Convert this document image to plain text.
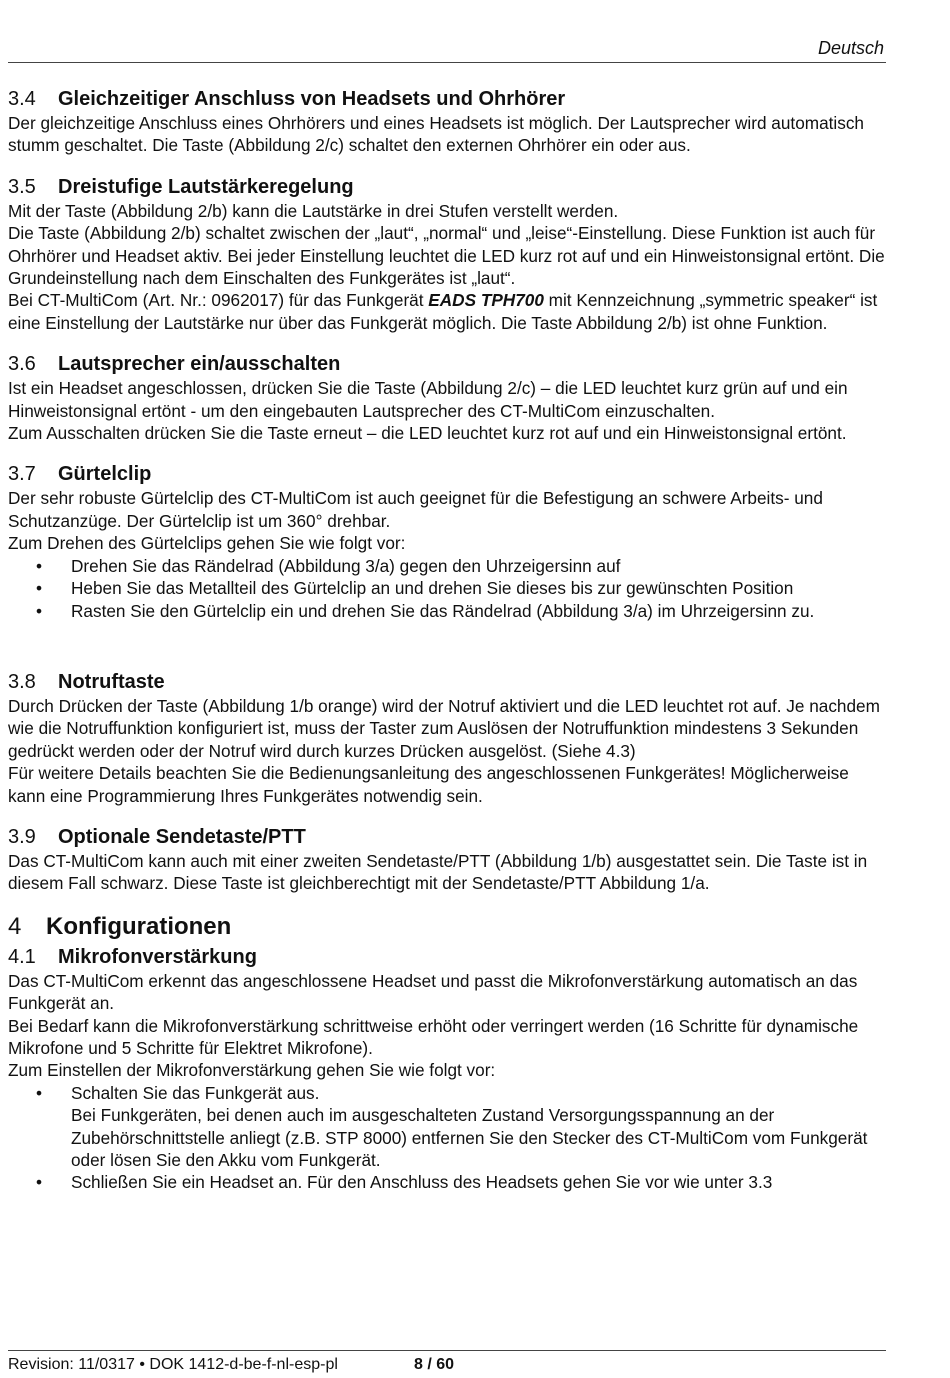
Deutsch
3.4 Gleichzeitiger Anschluss von Headsets und Ohrhörer

Der gleichzeitige Anschluss eines Ohrhörers und eines Headsets ist möglich. Der Lautsprecher wird automatisch stumm geschaltet. Die Taste (Abbildung 2/c) schaltet den externen Ohrhörer ein oder aus.

3.5 Dreistufige Lautstärkeregelung

Mit der Taste (Abbildung 2/b) kann die Lautstärke in drei Stufen verstellt werden.

Die Taste (Abbildung 2/b) schaltet zwischen der „laut“, „normal“ und „leise“-Einstellung. Diese Funktion ist auch für Ohrhörer und Headset aktiv. Bei jeder Einstellung leuchtet die LED kurz rot auf und ein Hinweistonsignal ertönt. Die Grundeinstellung nach dem Einschalten des Funkgerätes ist „laut“.

Bei CT-MultiCom (Art. Nr.: 0962017) für das Funkgerät EADS TPH700 mit Kennzeichnung „symmetric speaker“ ist eine Einstellung der Lautstärke nur über das Funkgerät möglich. Die Taste Abbildung 2/b) ist ohne Funktion.

3.6 Lautsprecher ein/ausschalten

Ist ein Headset angeschlossen, drücken Sie die Taste (Abbildung 2/c) – die LED leuchtet kurz grün auf und ein Hinweistonsignal ertönt - um den eingebauten Lautsprecher des CT-MultiCom einzuschalten.

Zum Ausschalten drücken Sie die Taste erneut – die LED leuchtet kurz rot auf und ein Hinweistonsignal ertönt.

3.7 Gürtelclip

Der sehr robuste Gürtelclip des CT-MultiCom ist auch geeignet für die Befestigung an schwere Arbeits- und Schutzanzüge. Der Gürtelclip ist um 360° drehbar.

Zum Drehen des Gürtelclips gehen Sie wie folgt vor:

• Drehen Sie das Rändelrad (Abbildung 3/a) gegen den Uhrzeigersinn auf
• Heben Sie das Metallteil des Gürtelclip an und drehen Sie dieses bis zur gewünschten Position
• Rasten Sie den Gürtelclip ein und drehen Sie das Rändelrad (Abbildung 3/a) im Uhrzeigersinn zu.
3.8 Notruftaste

Durch Drücken der Taste (Abbildung 1/b orange) wird der Notruf aktiviert und die LED leuchtet rot auf. Je nachdem wie die Notruffunktion konfiguriert ist, muss der Taster zum Auslösen der Notruffunktion mindestens 3 Sekunden gedrückt werden oder der Notruf wird durch kurzes Drücken ausgelöst. (Siehe 4.3)

Für weitere Details beachten Sie die Bedienungsanleitung des angeschlossenen Funkgerätes! Möglicherweise kann eine Programmierung Ihres Funkgerätes notwendig sein.

3.9 Optionale Sendetaste/PTT

Das CT-MultiCom kann auch mit einer zweiten Sendetaste/PTT (Abbildung 1/b) ausgestattet sein. Die Taste ist in diesem Fall schwarz. Diese Taste ist gleichberechtigt mit der Sendetaste/PTT Abbildung 1/a.

4 Konfigurationen
4.1 Mikrofonverstärkung

Das CT-MultiCom erkennt das angeschlossene Headset und passt die Mikrofonverstärkung automatisch an das Funkgerät an.

Bei Bedarf kann die Mikrofonverstärkung schrittweise erhöht oder verringert werden (16 Schritte für dynamische Mikrofone und 5 Schritte für Elektret Mikrofone).

Zum Einstellen der Mikrofonverstärkung gehen Sie wie folgt vor:

• Schalten Sie das Funkgerät aus.
Bei Funkgeräten, bei denen auch im ausgeschalteten Zustand Versorgungsspannung an der Zubehörschnittstelle anliegt (z.B. STP 8000) entfernen Sie den Stecker des CT-MultiCom vom Funkgerät oder lösen Sie den Akku vom Funkgerät.
• Schließen Sie ein Headset an. Für den Anschluss des Headsets gehen Sie vor wie unter 3.3
Revision: 11/0317 • DOK 1412-d-be-f-nl-esp-pl	8 / 60
